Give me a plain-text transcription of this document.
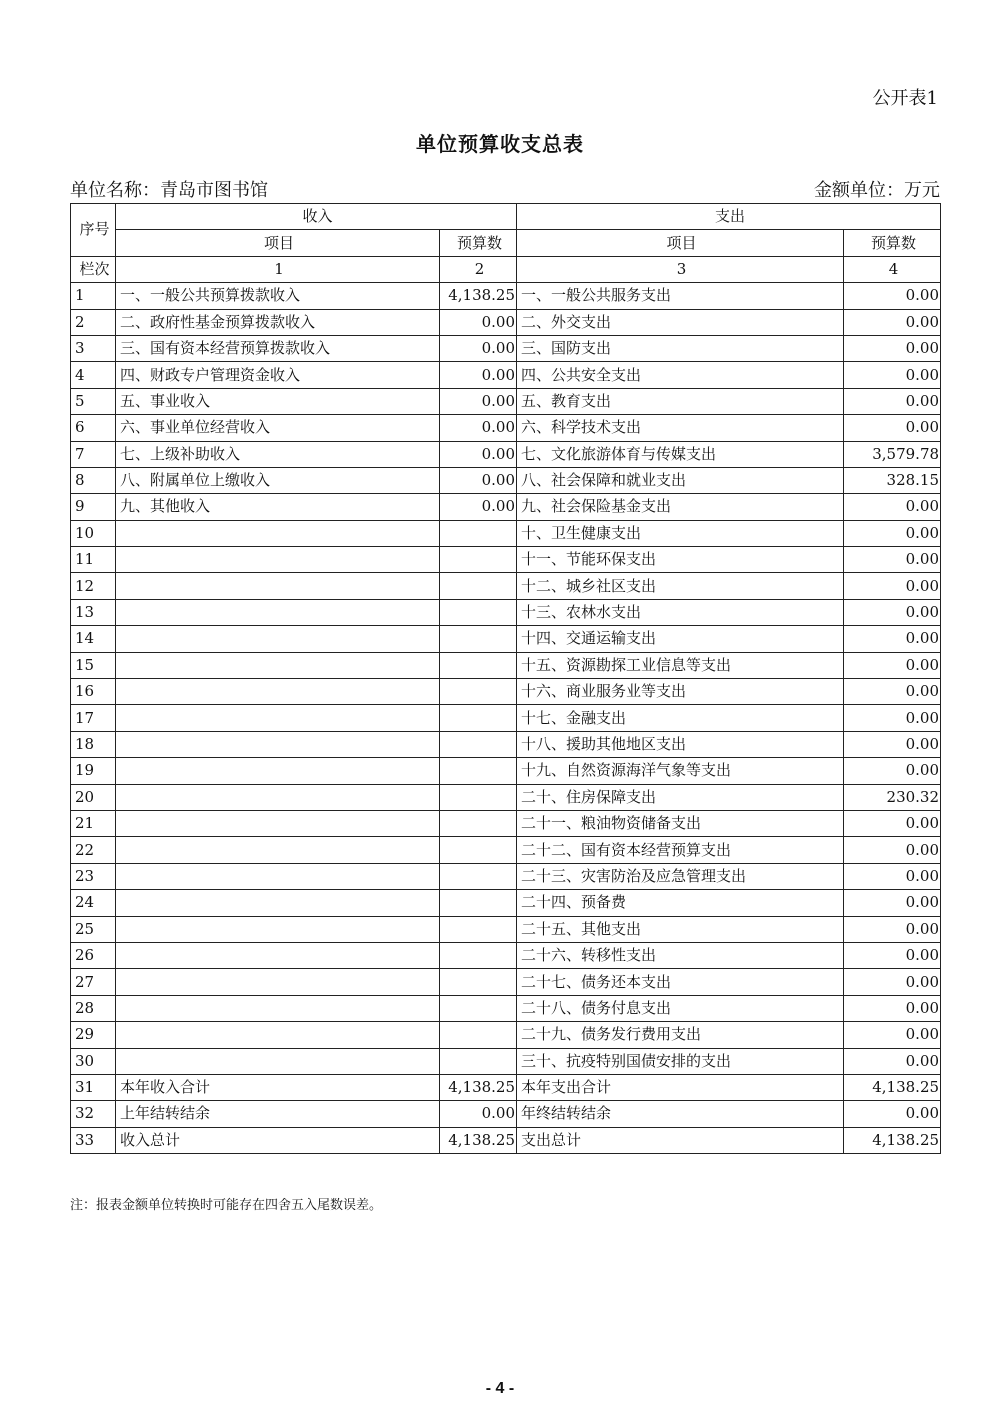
公开表1
单位预算收支总表
单位名称：青岛市图书馆	金额单位：万元
序号	收入		支出	
	项目	预算数	项目	预算数
栏次	1	2	3	4
1	一、一般公共预算拨款收入	4,138.25	一、一般公共服务支出	0.00
2	二、政府性基金预算拨款收入	0.00	二、外交支出	0.00
3	三、国有资本经营预算拨款收入	0.00	三、国防支出	0.00
4	四、财政专户管理资金收入	0.00	四、公共安全支出	0.00
5	五、事业收入	0.00	五、教育支出	0.00
6	六、事业单位经营收入	0.00	六、科学技术支出	0.00
7	七、上级补助收入	0.00	七、文化旅游体育与传媒支出	3,579.78
8	八、附属单位上缴收入	0.00	八、社会保障和就业支出	328.15
9	九、其他收入	0.00	九、社会保险基金支出	0.00
10			十、卫生健康支出	0.00
11			十一、节能环保支出	0.00
12			十二、城乡社区支出	0.00
13			十三、农林水支出	0.00
14			十四、交通运输支出	0.00
15			十五、资源勘探工业信息等支出	0.00
16			十六、商业服务业等支出	0.00
17			十七、金融支出	0.00
18			十八、援助其他地区支出	0.00
19			十九、自然资源海洋气象等支出	0.00
20			二十、住房保障支出	230.32
21			二十一、粮油物资储备支出	0.00
22			二十二、国有资本经营预算支出	0.00
23			二十三、灾害防治及应急管理支出	0.00
24			二十四、预备费	0.00
25			二十五、其他支出	0.00
26			二十六、转移性支出	0.00
27			二十七、债务还本支出	0.00
28			二十八、债务付息支出	0.00
29			二十九、债务发行费用支出	0.00
30			三十、抗疫特别国债安排的支出	0.00
31	本年收入合计	4,138.25	本年支出合计	4,138.25
32	上年结转结余	0.00	年终结转结余	0.00
33	收入总计	4,138.25	支出总计	4,138.25
注：报表金额单位转换时可能存在四舍五入尾数误差。
- 4 -
